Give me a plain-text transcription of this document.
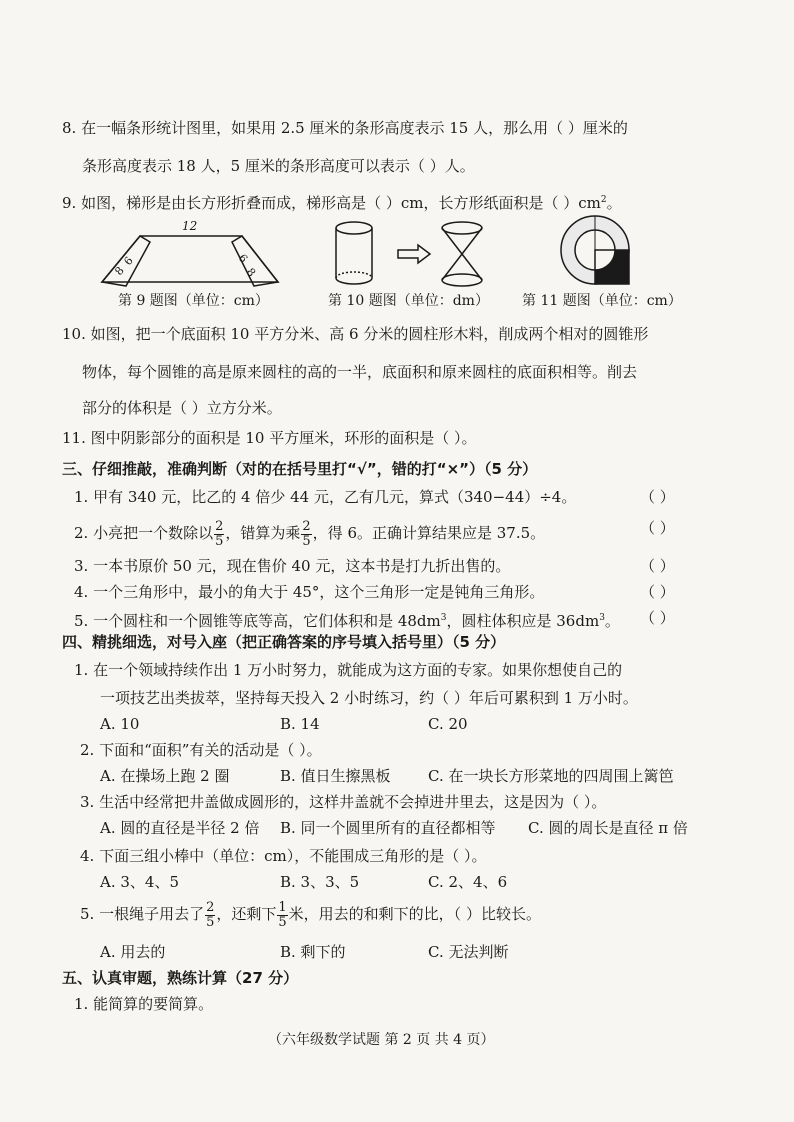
8. 在一幅条形统计图里，如果用 2.5 厘米的条形高度表示 15 人，那么用（ ）厘米的
条形高度表示 18 人，5 厘米的条形高度可以表示（ ）人。
9. 如图，梯形是由长方形折叠而成，梯形高是（ ）cm，长方形纸面积是（ ）$cm^2$。
12
6
8
6
8
第 9 题图（单位：cm）	第 10 题图（单位：dm） 第 11 题图（单位：cm）
10. 如图，把一个底面积 10 平方分米、高 6 分米的圆柱形木料，削成两个相对的圆锥形
物体，每个圆锥的高是原来圆柱的高的一半，底面积和原来圆柱的底面积相等。削去
部分的体积是（ ）立方分米。
11. 图中阴影部分的面积是 10 平方厘米，环形的面积是（ ）。
三、仔细推敲，准确判断（对的在括号里打“√”，错的打“×”）（5 分）
1. 甲有 340 元，比乙的 4 倍少 44 元，乙有几元，算式（340−44）÷4。	（ ）
2. 小亮把一个数除以 $\frac{2}{5}$ ，错算为乘 $\frac{2}{5}$ ，得 6。正确计算结果应是 37.5。	（ ）
3. 一本书原价 50 元，现在售价 40 元，这本书是打九折出售的。	（ ）
4. 一个三角形中，最小的角大于 45°，这个三角形一定是钝角三角形。	（ ）
5. 一个圆柱和一个圆锥等底等高，它们体积和是 $48dm^3$，圆柱体积应是 $36dm^3$。 （ ）
四、精挑细选，对号入座（把正确答案的序号填入括号里）（5 分）
1. 在一个领域持续作出 1 万小时努力，就能成为这方面的专家。如果你想使自己的
一项技艺出类拔萃，坚持每天投入 2 小时练习，约（ ）年后可累积到 1 万小时。
A. 10	B. 14	C. 20
2. 下面和“面积”有关的活动是（ ）。
A. 在操场上跑 2 圈	B. 值日生擦黑板 C. 在一块长方形菜地的四周围上篱笆
3. 生活中经常把井盖做成圆形的，这样井盖就不会掉进井里去，这是因为（ ）。
A. 圆的直径是半径 2 倍 B. 同一个圆里所有的直径都相等 C. 圆的周长是直径 π 倍
4. 下面三组小棒中（单位：cm），不能围成三角形的是（ ）。
A. 3、4、5	B. 3、3、5	C. 2、4、6
5. 一根绳子用去了 $\frac{2}{5}$ ，还剩下 $\frac{1}{5}$ 米，用去的和剩下的比，（ ）比较长。
A. 用去的	B. 剩下的	C. 无法判断
五、认真审题，熟练计算（27 分）
1. 能简算的要简算。
（六年级数学试题 第 2 页 共 4 页）
